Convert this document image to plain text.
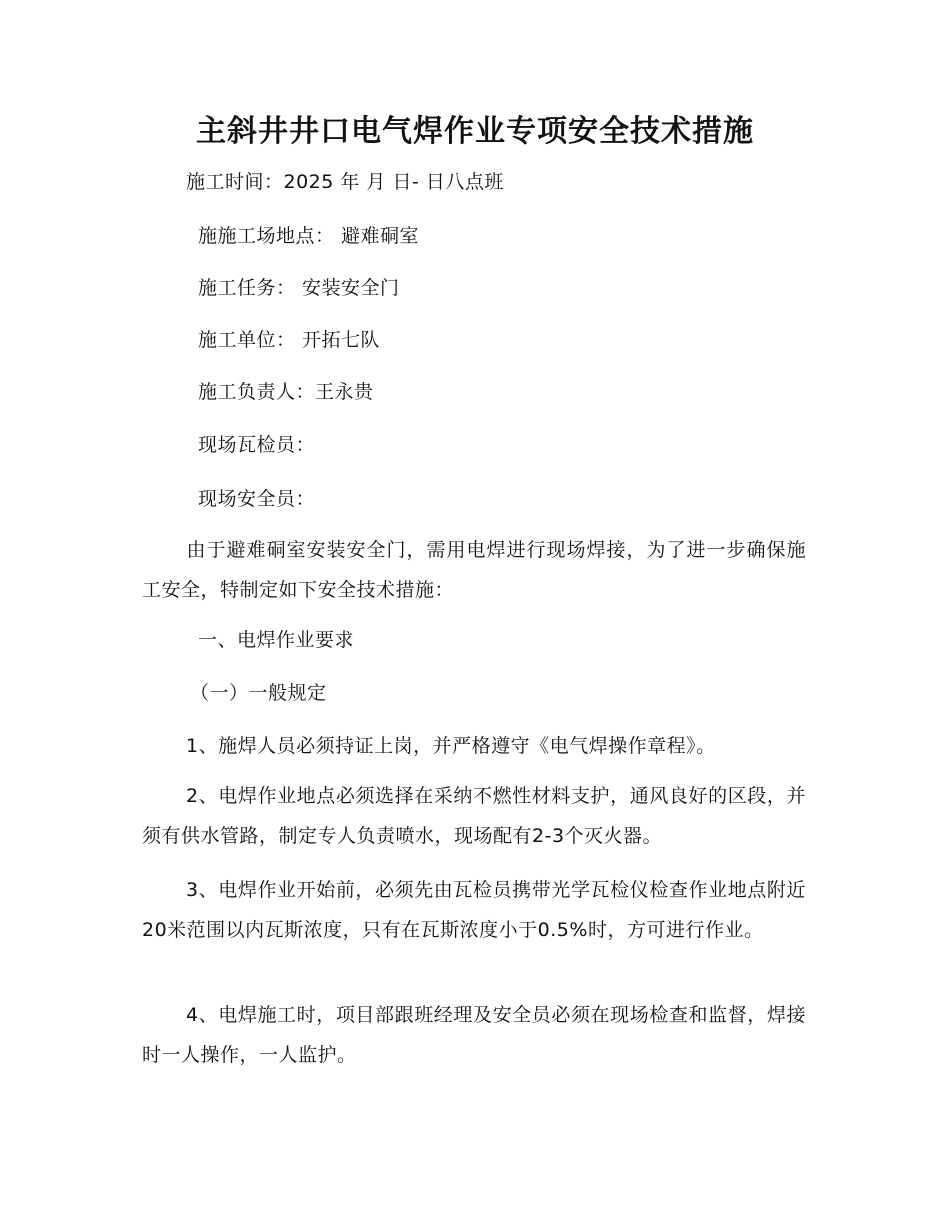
主斜井井口电气焊作业专项安全技术措施
施工时间：2025 年 月 日- 日八点班
施施工场地点： 避难硐室
施工任务： 安装安全门
施工单位： 开拓七队
施工负责人：王永贵
现场瓦检员：
现场安全员：
由于避难硐室安装安全门，需用电焊进行现场焊接，为了进一步确保施工安全，特制定如下安全技术措施：
一、电焊作业要求
（一）一般规定
1、施焊人员必须持证上岗，并严格遵守《电气焊操作章程》。
2、电焊作业地点必须选择在采纳不燃性材料支护，通风良好的区段，并须有供水管路，制定专人负责喷水，现场配有2-3个灭火器。
3、电焊作业开始前，必须先由瓦检员携带光学瓦检仪检查作业地点附近20米范围以内瓦斯浓度，只有在瓦斯浓度小于0.5%时，方可进行作业。
4、电焊施工时，项目部跟班经理及安全员必须在现场检查和监督，焊接时一人操作，一人监护。
